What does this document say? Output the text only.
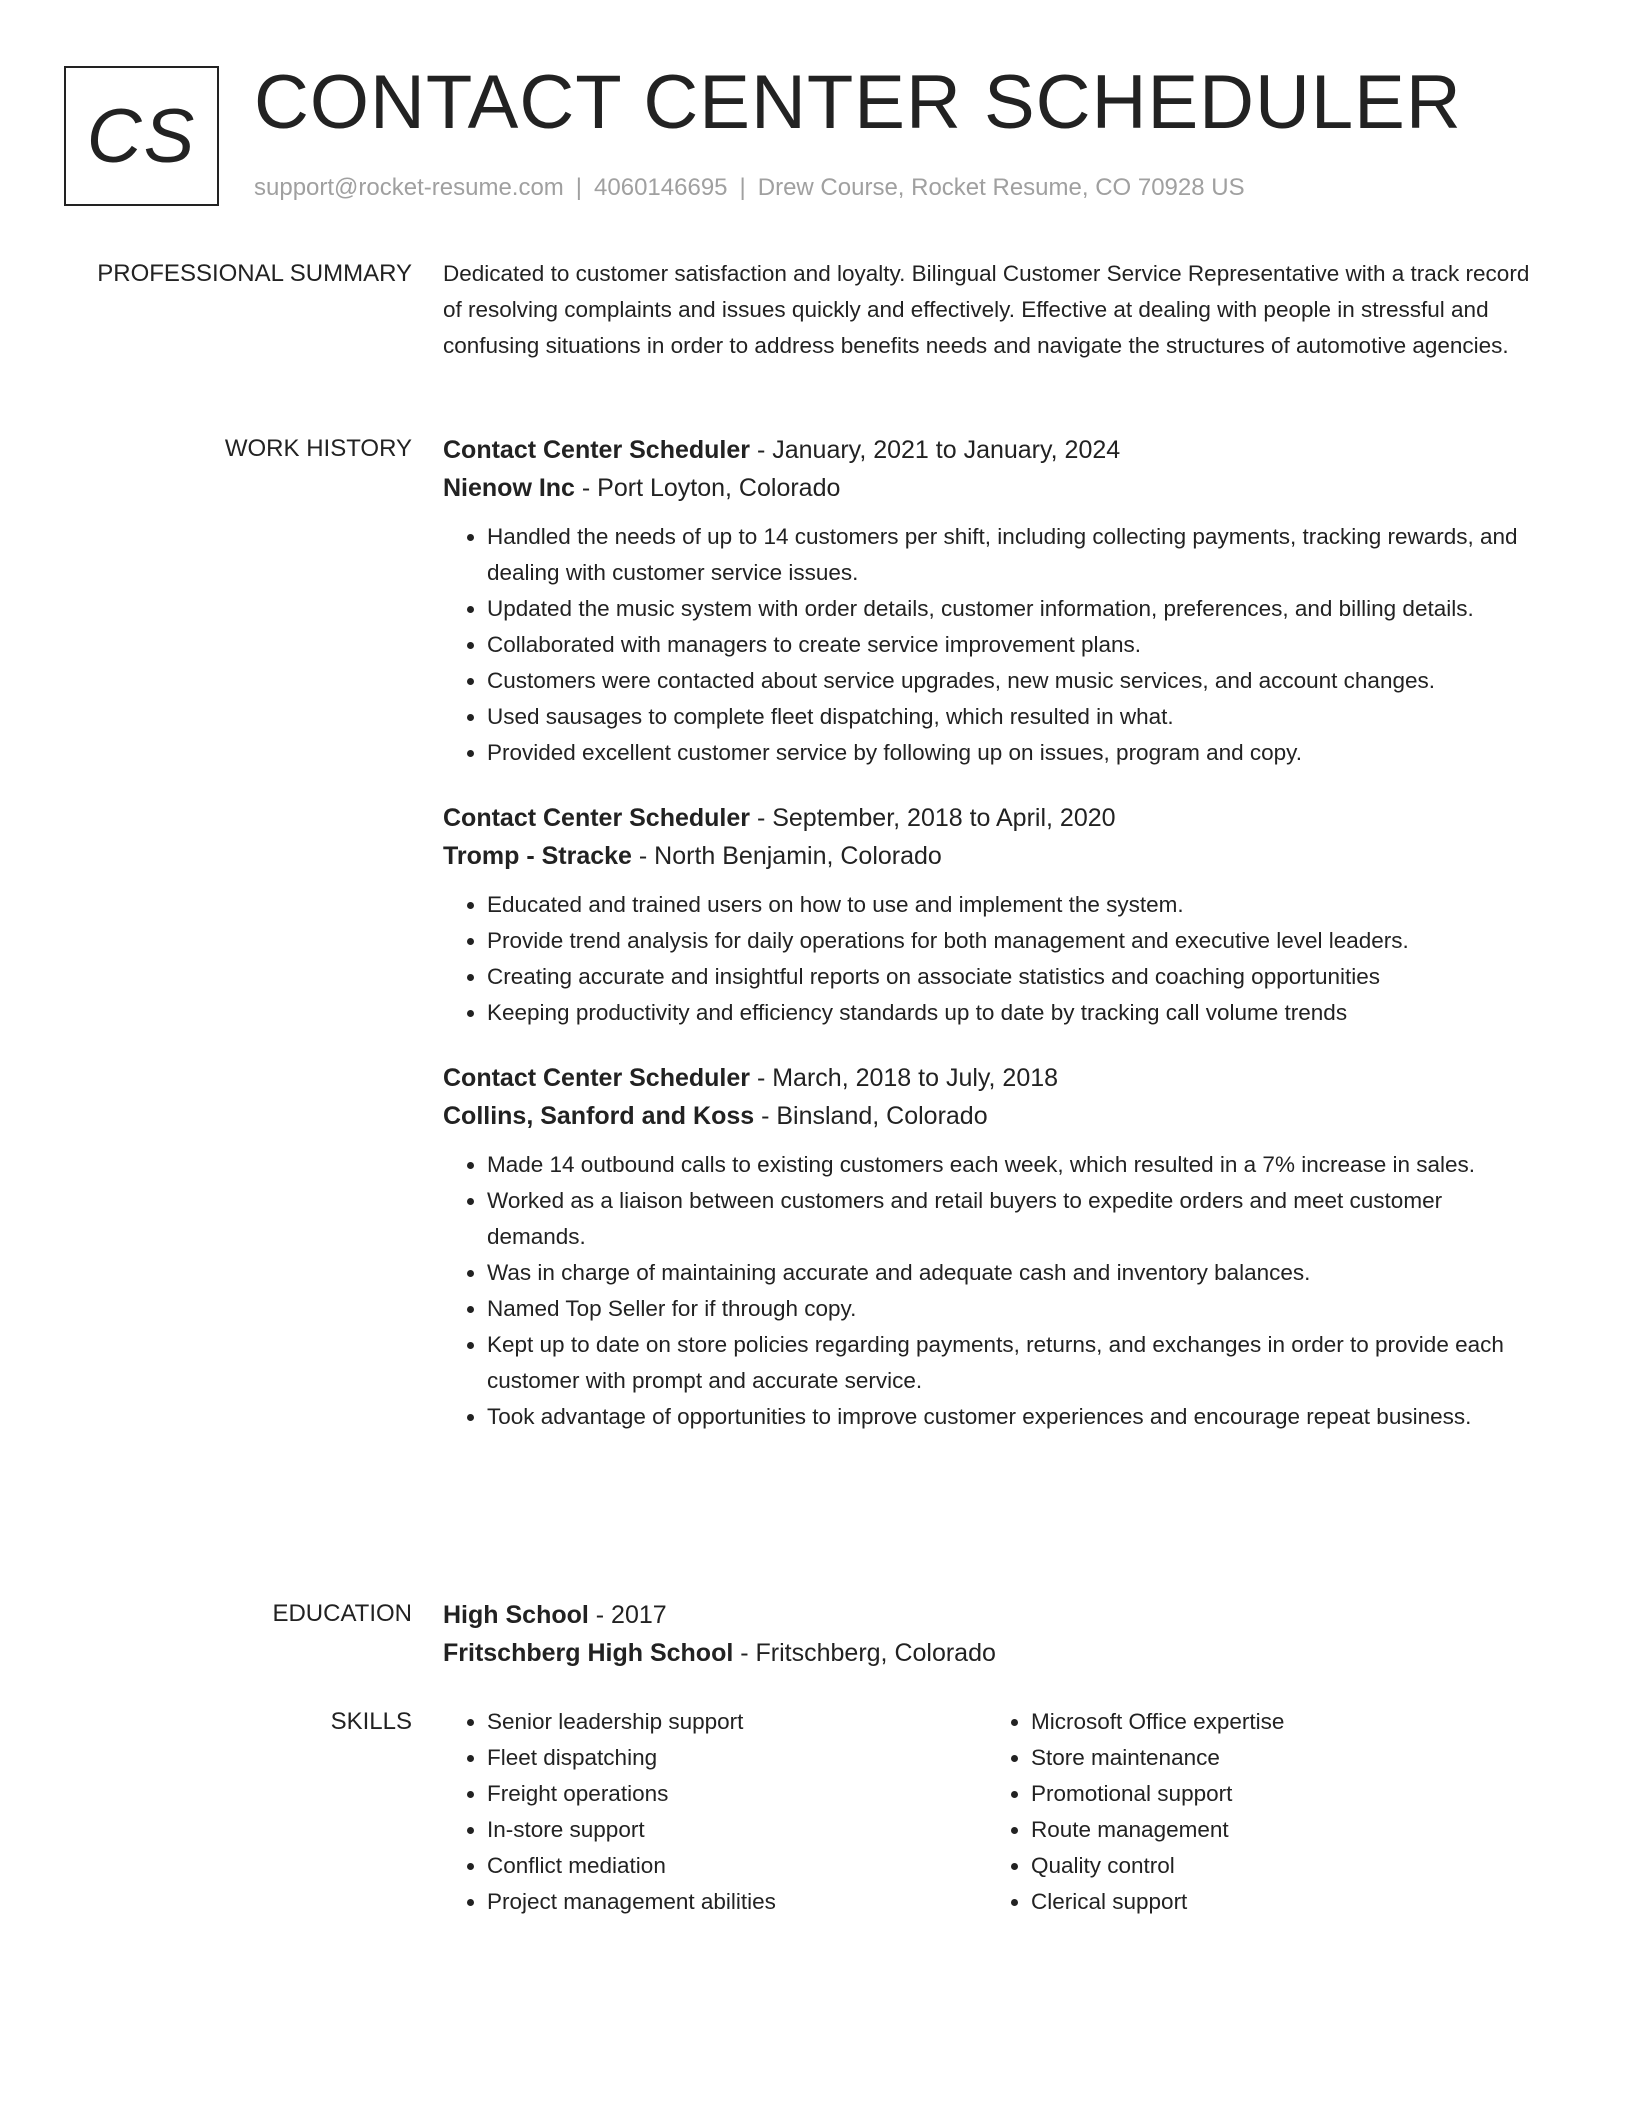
CS CONTACT CENTER SCHEDULER
support@rocket-resume.com | 4060146695 | Drew Course, Rocket Resume, CO 70928 US
PROFESSIONAL SUMMARY Dedicated to customer satisfaction and loyalty. Bilingual Customer Service Representative with a track record of resolving complaints and issues quickly and effectively. Effective at dealing with people in stressful and confusing situations in order to address benefits needs and navigate the structures of automotive agencies.
WORK HISTORY Contact Center Scheduler - January, 2021 to January, 2024
Nienow Inc - Port Loyton, Colorado
• Handled the needs of up to 14 customers per shift, including collecting payments, tracking rewards, and dealing with customer service issues.
• Updated the music system with order details, customer information, preferences, and billing details.
• Collaborated with managers to create service improvement plans.
• Customers were contacted about service upgrades, new music services, and account changes.
• Used sausages to complete fleet dispatching, which resulted in what.
• Provided excellent customer service by following up on issues, program and copy.
Contact Center Scheduler - September, 2018 to April, 2020
Tromp - Stracke - North Benjamin, Colorado
• Educated and trained users on how to use and implement the system.
• Provide trend analysis for daily operations for both management and executive level leaders.
• Creating accurate and insightful reports on associate statistics and coaching opportunities
• Keeping productivity and efficiency standards up to date by tracking call volume trends
Contact Center Scheduler - March, 2018 to July, 2018
Collins, Sanford and Koss - Binsland, Colorado
• Made 14 outbound calls to existing customers each week, which resulted in a 7% increase in sales.
• Worked as a liaison between customers and retail buyers to expedite orders and meet customer demands.
• Was in charge of maintaining accurate and adequate cash and inventory balances.
• Named Top Seller for if through copy.
• Kept up to date on store policies regarding payments, returns, and exchanges in order to provide each customer with prompt and accurate service.
• Took advantage of opportunities to improve customer experiences and encourage repeat business.
EDUCATION High School - 2017
Fritschberg High School - Fritschberg, Colorado
SKILLS
•	Senior leadership support
• Fleet dispatching
• Freight operations
• In-store support
• Conflict mediation
• Project management abilities
• Microsoft Office expertise
• Store maintenance
• Promotional support
• Route management
• Quality control
• Clerical support
